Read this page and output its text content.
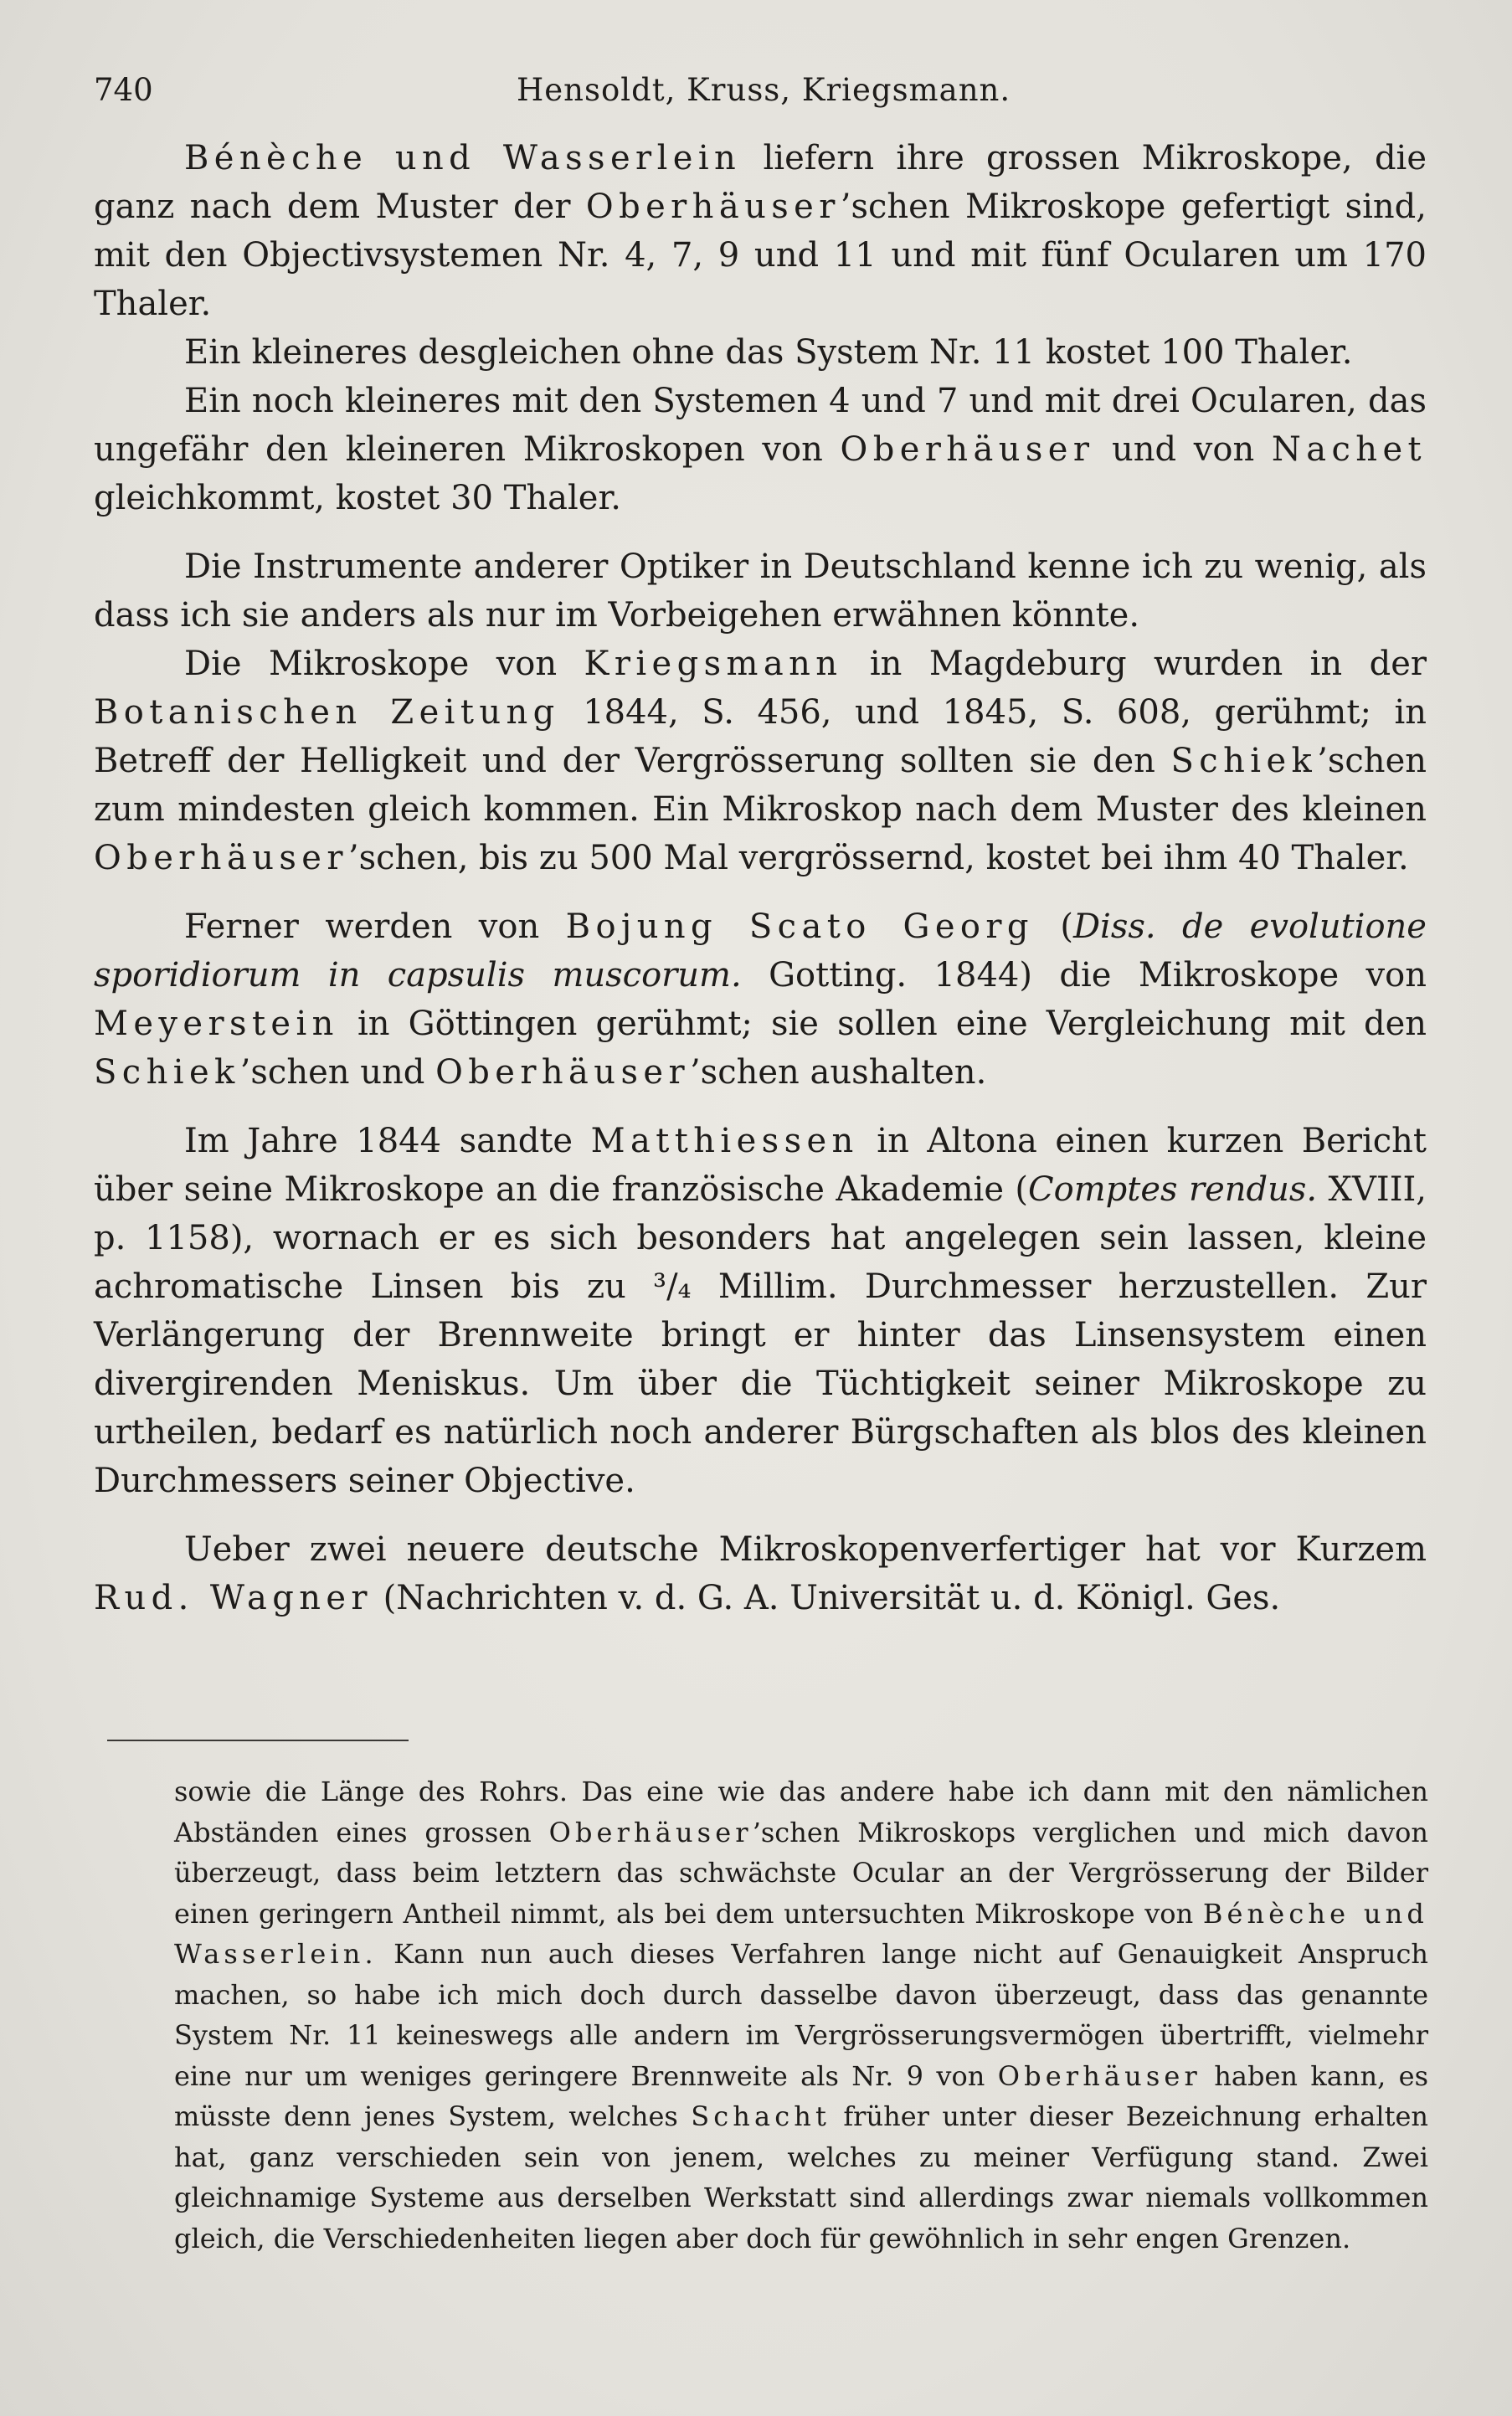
740	Hensoldt, Kruss, Kriegsmann.

Bénèche und Wasserlein liefern ihre grossen Mikroskope, die ganz nach dem Muster der Oberhäuser’schen Mikroskope gefertigt sind, mit den Objectivsystemen Nr. 4, 7, 9 und 11 und mit fünf Ocularen um 170 Thaler.

Ein kleineres desgleichen ohne das System Nr. 11 kostet 100 Thaler.

Ein noch kleineres mit den Systemen 4 und 7 und mit drei Ocularen, das ungefähr den kleineren Mikroskopen von Oberhäuser und von Nachet gleichkommt, kostet 30 Thaler.

Die Instrumente anderer Optiker in Deutschland kenne ich zu wenig, als dass ich sie anders als nur im Vorbeigehen erwähnen könnte.

Die Mikroskope von Kriegsmann in Magdeburg wurden in der Botanischen Zeitung 1844, S. 456, und 1845, S. 608, gerühmt; in Betreff der Helligkeit und der Vergrösserung sollten sie den Schiek’schen zum mindesten gleich kommen. Ein Mikroskop nach dem Muster des kleinen Oberhäuser’schen, bis zu 500 Mal vergrössernd, kostet bei ihm 40 Thaler.

Ferner werden von Bojung Scato Georg (Diss. de evolutione sporidiorum in capsulis muscorum. Gotting. 1844) die Mikroskope von Meyerstein in Göttingen gerühmt; sie sollen eine Vergleichung mit den Schiek’schen und Oberhäuser’schen aushalten.

Im Jahre 1844 sandte Matthiessen in Altona einen kurzen Bericht über seine Mikroskope an die französische Akademie (Comptes rendus. XVIII, p. 1158), wornach er es sich besonders hat angelegen sein lassen, kleine achromatische Linsen bis zu ³/₄ Millim. Durchmesser herzustellen. Zur Verlängerung der Brennweite bringt er hinter das Linsensystem einen divergirenden Meniskus. Um über die Tüchtigkeit seiner Mikroskope zu urtheilen, bedarf es natürlich noch anderer Bürgschaften als blos des kleinen Durchmessers seiner Objective.

Ueber zwei neuere deutsche Mikroskopenverfertiger hat vor Kurzem Rud. Wagner (Nachrichten v. d. G. A. Universität u. d. Königl. Ges.

sowie die Länge des Rohrs. Das eine wie das andere habe ich dann mit den nämlichen Abständen eines grossen Oberhäuser’schen Mikroskops verglichen und mich davon überzeugt, dass beim letztern das schwächste Ocular an der Vergrösserung der Bilder einen geringern Antheil nimmt, als bei dem untersuchten Mikroskope von Bénèche und Wasserlein. Kann nun auch dieses Verfahren lange nicht auf Genauigkeit Anspruch machen, so habe ich mich doch durch dasselbe davon überzeugt, dass das genannte System Nr. 11 keineswegs alle andern im Vergrösserungsvermögen übertrifft, vielmehr eine nur um weniges geringere Brennweite als Nr. 9 von Oberhäuser haben kann, es müsste denn jenes System, welches Schacht früher unter dieser Bezeichnung erhalten hat, ganz verschieden sein von jenem, welches zu meiner Verfügung stand. Zwei gleichnamige Systeme aus derselben Werkstatt sind allerdings zwar niemals vollkommen gleich, die Verschiedenheiten liegen aber doch für gewöhnlich in sehr engen Grenzen.
